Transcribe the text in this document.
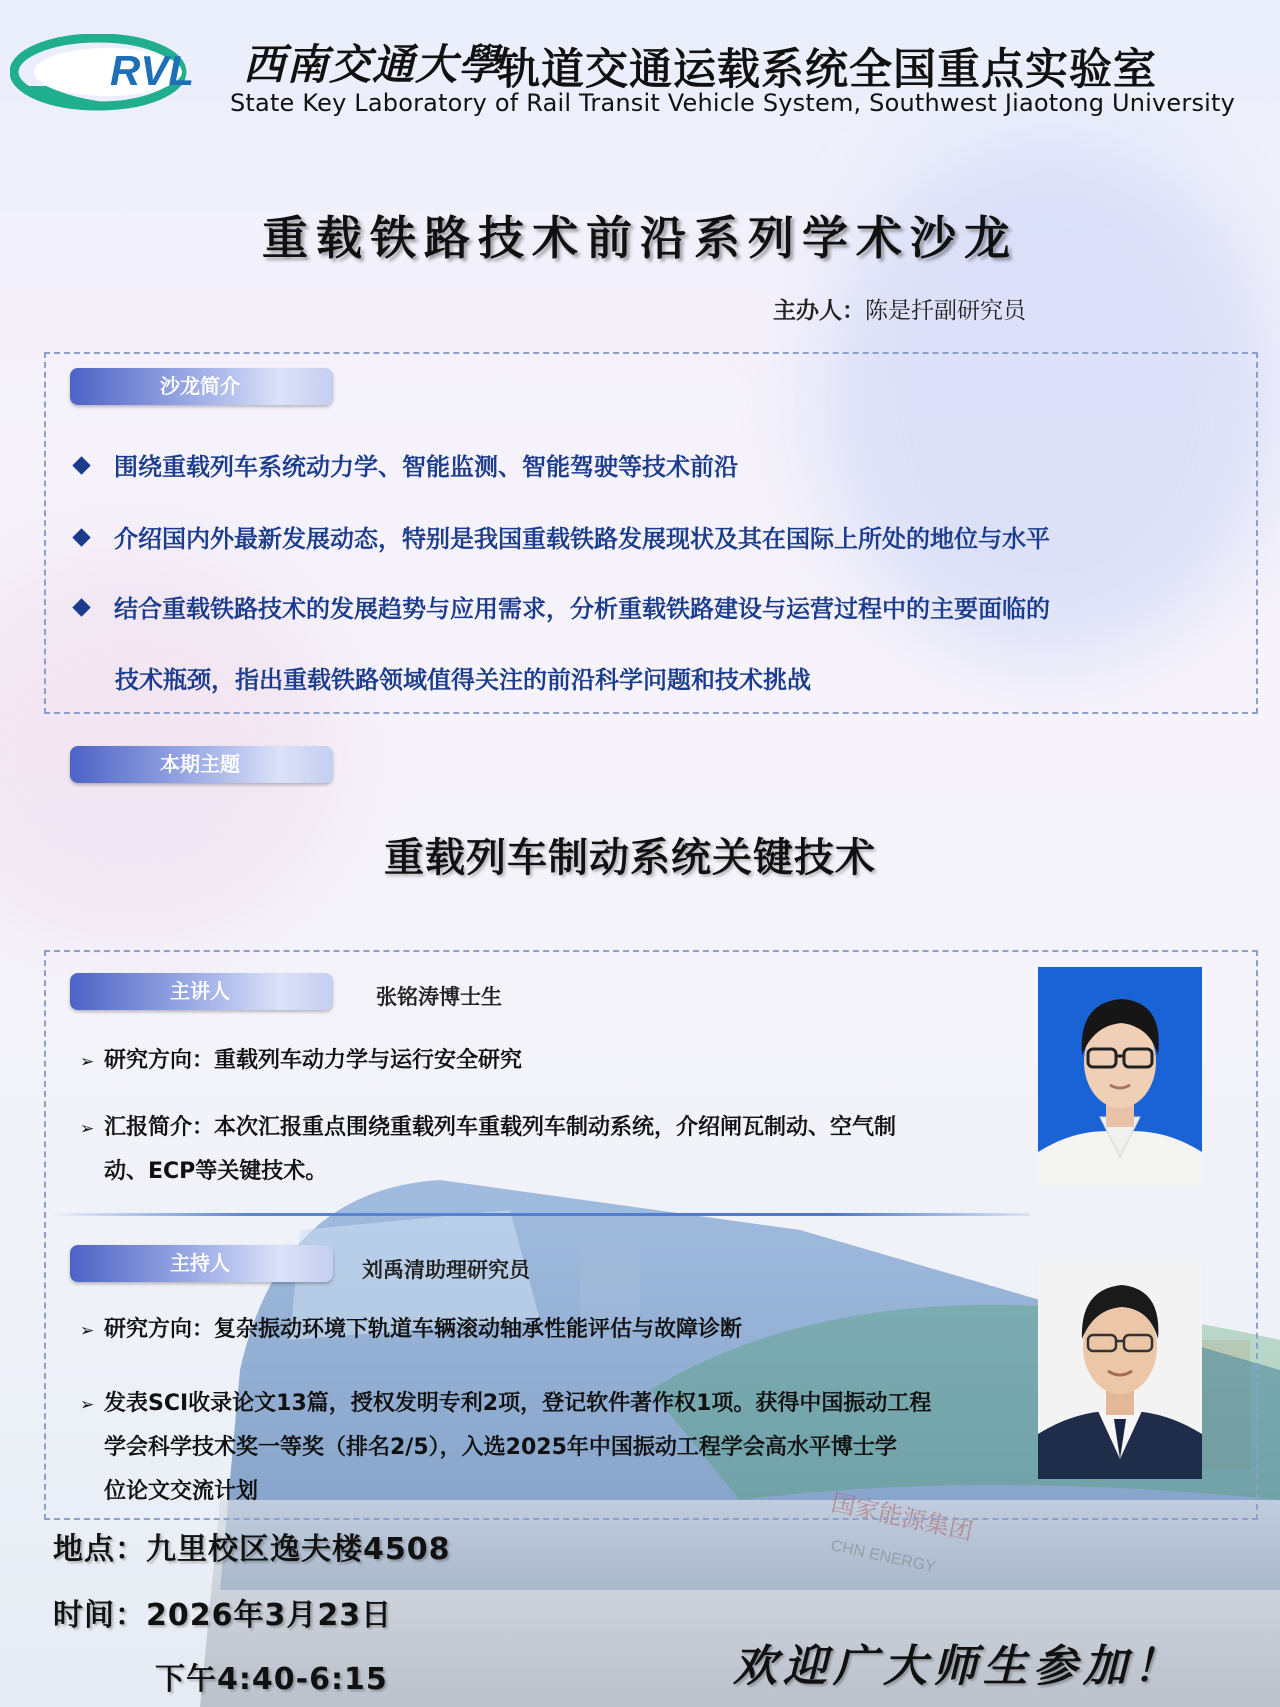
RVL 西南交通大學
轨道交通运载系统全国重点实验室
State Key Laboratory of Rail Transit Vehicle System, Southwest Jiaotong University
重载铁路技术前沿系列学术沙龙
主办人：陈是扦副研究员
沙龙简介
围绕重载列车系统动力学、智能监测、智能驾驶等技术前沿
介绍国内外最新发展动态，特别是我国重载铁路发展现状及其在国际上所处的地位与水平
结合重载铁路技术的发展趋势与应用需求，分析重载铁路建设与运营过程中的主要面临的
技术瓶颈，指出重载铁路领域值得关注的前沿科学问题和技术挑战
本期主题
重载列车制动系统关键技术
国家能源集团
CHN ENERGY
主讲人	张铭涛博士生
➢ 研究方向：重载列车动力学与运行安全研究
➢ 汇报简介：本次汇报重点围绕重载列车重载列车制动系统，介绍闸瓦制动、空气制
动、ECP等关键技术。
主持人	刘禹清助理研究员
➢ 研究方向：复杂振动环境下轨道车辆滚动轴承性能评估与故障诊断
➢ 发表SCI收录论文13篇，授权发明专利2项，登记软件著作权1项。获得中国振动工程
学会科学技术奖一等奖（排名2/5），入选2025年中国振动工程学会高水平博士学
位论文交流计划
地点：九里校区逸夫楼4508
时间：2026年3月23日
下午4:40-6:15	欢迎广大师生参加！
